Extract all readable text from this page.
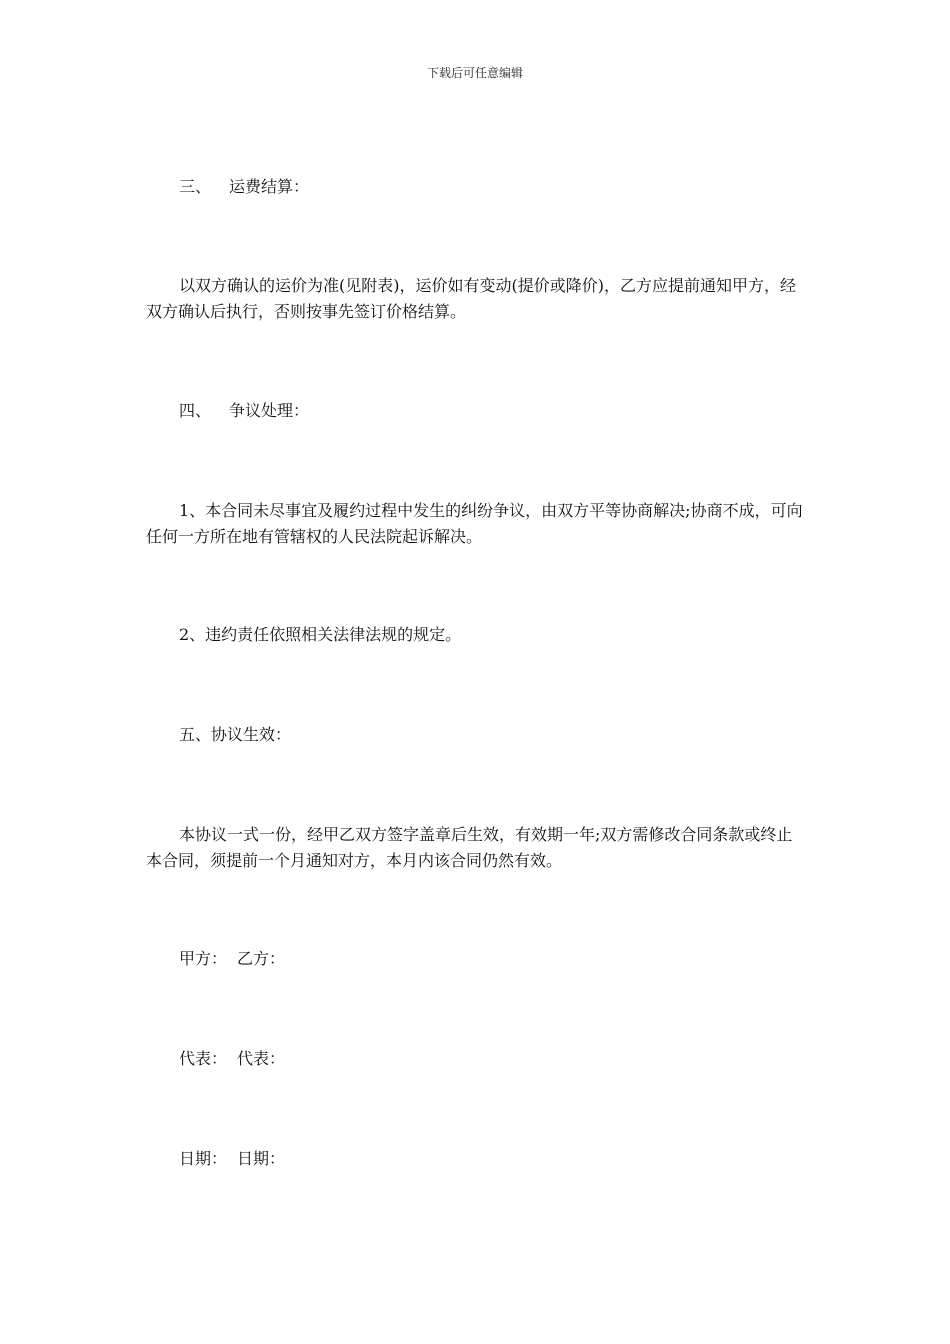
下载后可任意编辑
三、 运费结算：
以双方确认的运价为准(见附表)，运价如有变动(提价或降价)，乙方应提前通知甲方，经双方确认后执行，否则按事先签订价格结算。
四、 争议处理：
1、本合同未尽事宜及履约过程中发生的纠纷争议，由双方平等协商解决;协商不成，可向任何一方所在地有管辖权的人民法院起诉解决。
2、违约责任依照相关法律法规的规定。
五、协议生效：
本协议一式一份，经甲乙双方签字盖章后生效，有效期一年;双方需修改合同条款或终止本合同，须提前一个月通知对方，本月内该合同仍然有效。
甲方： 乙方：
代表： 代表：
日期： 日期：
